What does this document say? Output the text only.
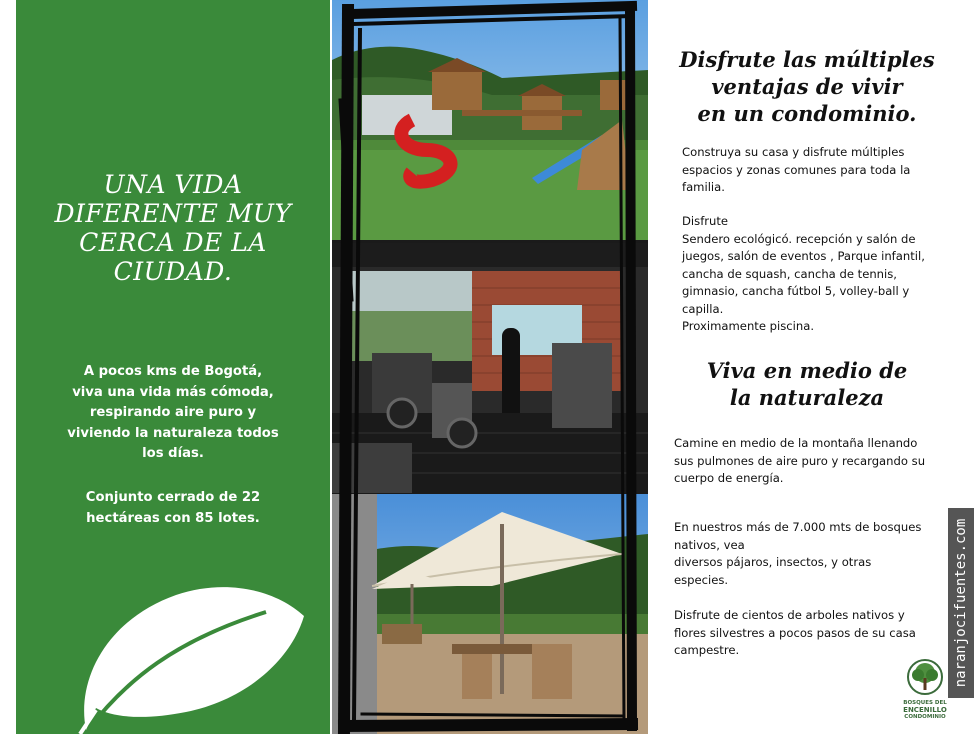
UNA VIDA
DIFERENTE MUY
CERCA DE LA
CIUDAD.
A pocos kms de Bogotá,
viva una vida más cómoda,
respirando aire puro y
viviendo la naturaleza todos
los días.
Conjunto cerrado de 22
hectáreas con 85 lotes.
Disfrute las múltiples
ventajas de vivir
en un condominio.
Construya su casa y disfrute múltiples
espacios y zonas comunes para toda la
familia.
Disfrute
Sendero ecológicó. recepción y salón de
juegos, salón de eventos , Parque infantil,
cancha de squash, cancha de tennis,
gimnasio, cancha fútbol 5, volley-ball y
capilla.
Proximamente piscina.
Viva en medio de
la naturaleza
Camine en medio de la montaña llenando
sus pulmones de aire puro y recargando su
cuerpo de energía.
En nuestros más de 7.000 mts de bosques
nativos, vea
diversos pájaros, insectos, y otras
especies.
Disfrute de cientos de arboles nativos y
flores silvestres a pocos pasos de su casa
campestre.	naranjocifuentes.com
BOSQUES DEL
ENCENILLO
CONDOMINIO
